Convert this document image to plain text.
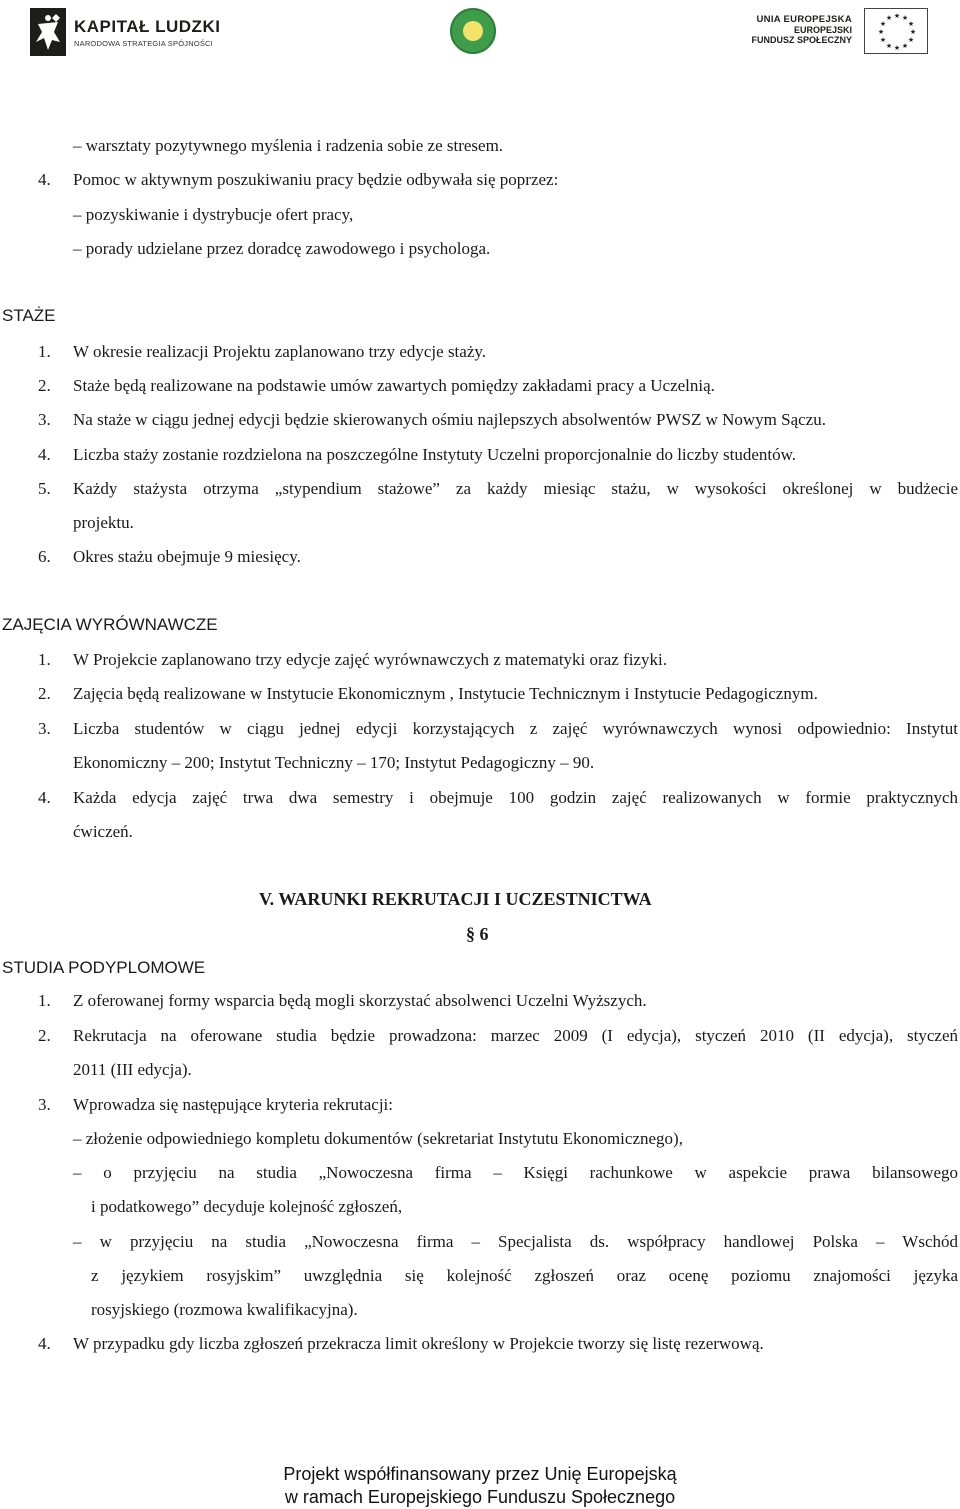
KAPITAŁ LUDZKI
NARODOWA STRATEGIA SPÓJNOŚCI
UNIA EUROPEJSKA
EUROPEJSKI
FUNDUSZ SPOŁECZNY
★ ★
★
★
★
★
★
★
★
★
★
★
– warsztaty pozytywnego myślenia i radzenia sobie ze stresem.
4. Pomoc w aktywnym poszukiwaniu pracy będzie odbywała się poprzez:
– pozyskiwanie i dystrybucje ofert pracy,
– porady udzielane przez doradcę zawodowego i psychologa.
STAŻE
1. W okresie realizacji Projektu zaplanowano trzy edycje staży.
2. Staże będą realizowane na podstawie umów zawartych pomiędzy zakładami pracy a Uczelnią.
3. Na staże w ciągu jednej edycji będzie skierowanych ośmiu najlepszych absolwentów PWSZ w Nowym Sączu.
4. Liczba staży zostanie rozdzielona na poszczególne Instytuty Uczelni proporcjonalnie do liczby studentów.
5. Każdy stażysta otrzyma „stypendium stażowe” za każdy miesiąc stażu, w wysokości określonej w budżecie
projektu.
6. Okres stażu obejmuje 9 miesięcy.
ZAJĘCIA WYRÓWNAWCZE
1. W Projekcie zaplanowano trzy edycje zajęć wyrównawczych z matematyki oraz fizyki.
2. Zajęcia będą realizowane w Instytucie Ekonomicznym , Instytucie Technicznym i Instytucie Pedagogicznym.
3. Liczba studentów w ciągu jednej edycji korzystających z zajęć wyrównawczych wynosi odpowiednio: Instytut
Ekonomiczny – 200; Instytut Techniczny – 170; Instytut Pedagogiczny – 90.
4. Każda edycja zajęć trwa dwa semestry i obejmuje 100 godzin zajęć realizowanych w formie praktycznych
ćwiczeń.
V. WARUNKI REKRUTACJI I UCZESTNICTWA
§ 6
STUDIA PODYPLOMOWE
1. Z oferowanej formy wsparcia będą mogli skorzystać absolwenci Uczelni Wyższych.
2. Rekrutacja na oferowane studia będzie prowadzona: marzec 2009 (I edycja), styczeń 2010 (II edycja), styczeń
2011 (III edycja).
3. Wprowadza się następujące kryteria rekrutacji:
– złożenie odpowiedniego kompletu dokumentów (sekretariat Instytutu Ekonomicznego),
– o przyjęciu na studia „Nowoczesna firma – Księgi rachunkowe w aspekcie prawa bilansowego
i podatkowego” decyduje kolejność zgłoszeń,
– w przyjęciu na studia „Nowoczesna firma – Specjalista ds. współpracy handlowej Polska – Wschód
z językiem rosyjskim” uwzględnia się kolejność zgłoszeń oraz ocenę poziomu znajomości języka
rosyjskiego (rozmowa kwalifikacyjna).
4. W przypadku gdy liczba zgłoszeń przekracza limit określony w Projekcie tworzy się listę rezerwową.
Projekt współfinansowany przez Unię Europejską
w ramach Europejskiego Funduszu Społecznego
